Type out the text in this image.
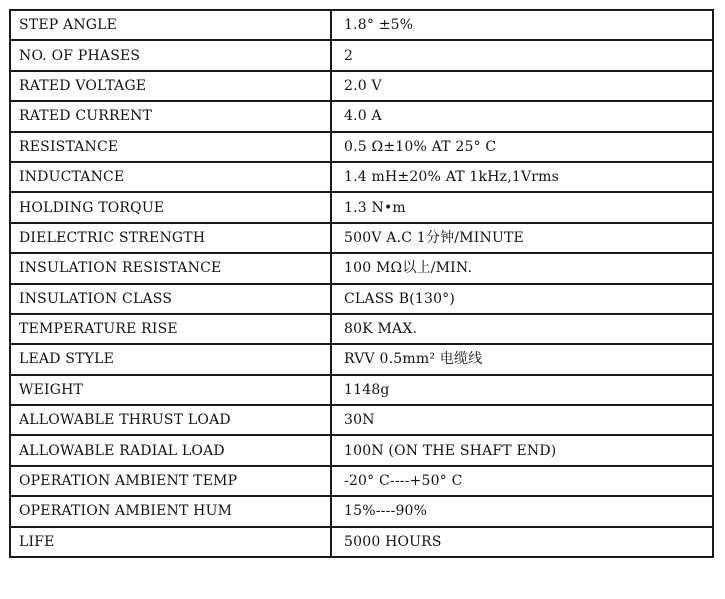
STEP ANGLE	1.8° ±5%
NO. OF PHASES	2
RATED VOLTAGE	2.0 V
RATED CURRENT	4.0 A
RESISTANCE	0.5 Ω±10% AT 25° C
INDUCTANCE	1.4 mH±20% AT 1kHz,1Vrms
HOLDING TORQUE	1.3 N•m
DIELECTRIC STRENGTH	500V A.C 1分钟/MINUTE
INSULATION RESISTANCE	100 MΩ以上/MIN.
INSULATION CLASS	CLASS B(130°)
TEMPERATURE RISE	80K MAX.
LEAD STYLE	RVV 0.5mm² 电缆线
WEIGHT	1148g
ALLOWABLE THRUST LOAD	30N
ALLOWABLE RADIAL LOAD	100N (ON THE SHAFT END)
OPERATION AMBIENT TEMP	-20° C----+50° C
OPERATION AMBIENT HUM	15%----90%
LIFE	5000 HOURS
